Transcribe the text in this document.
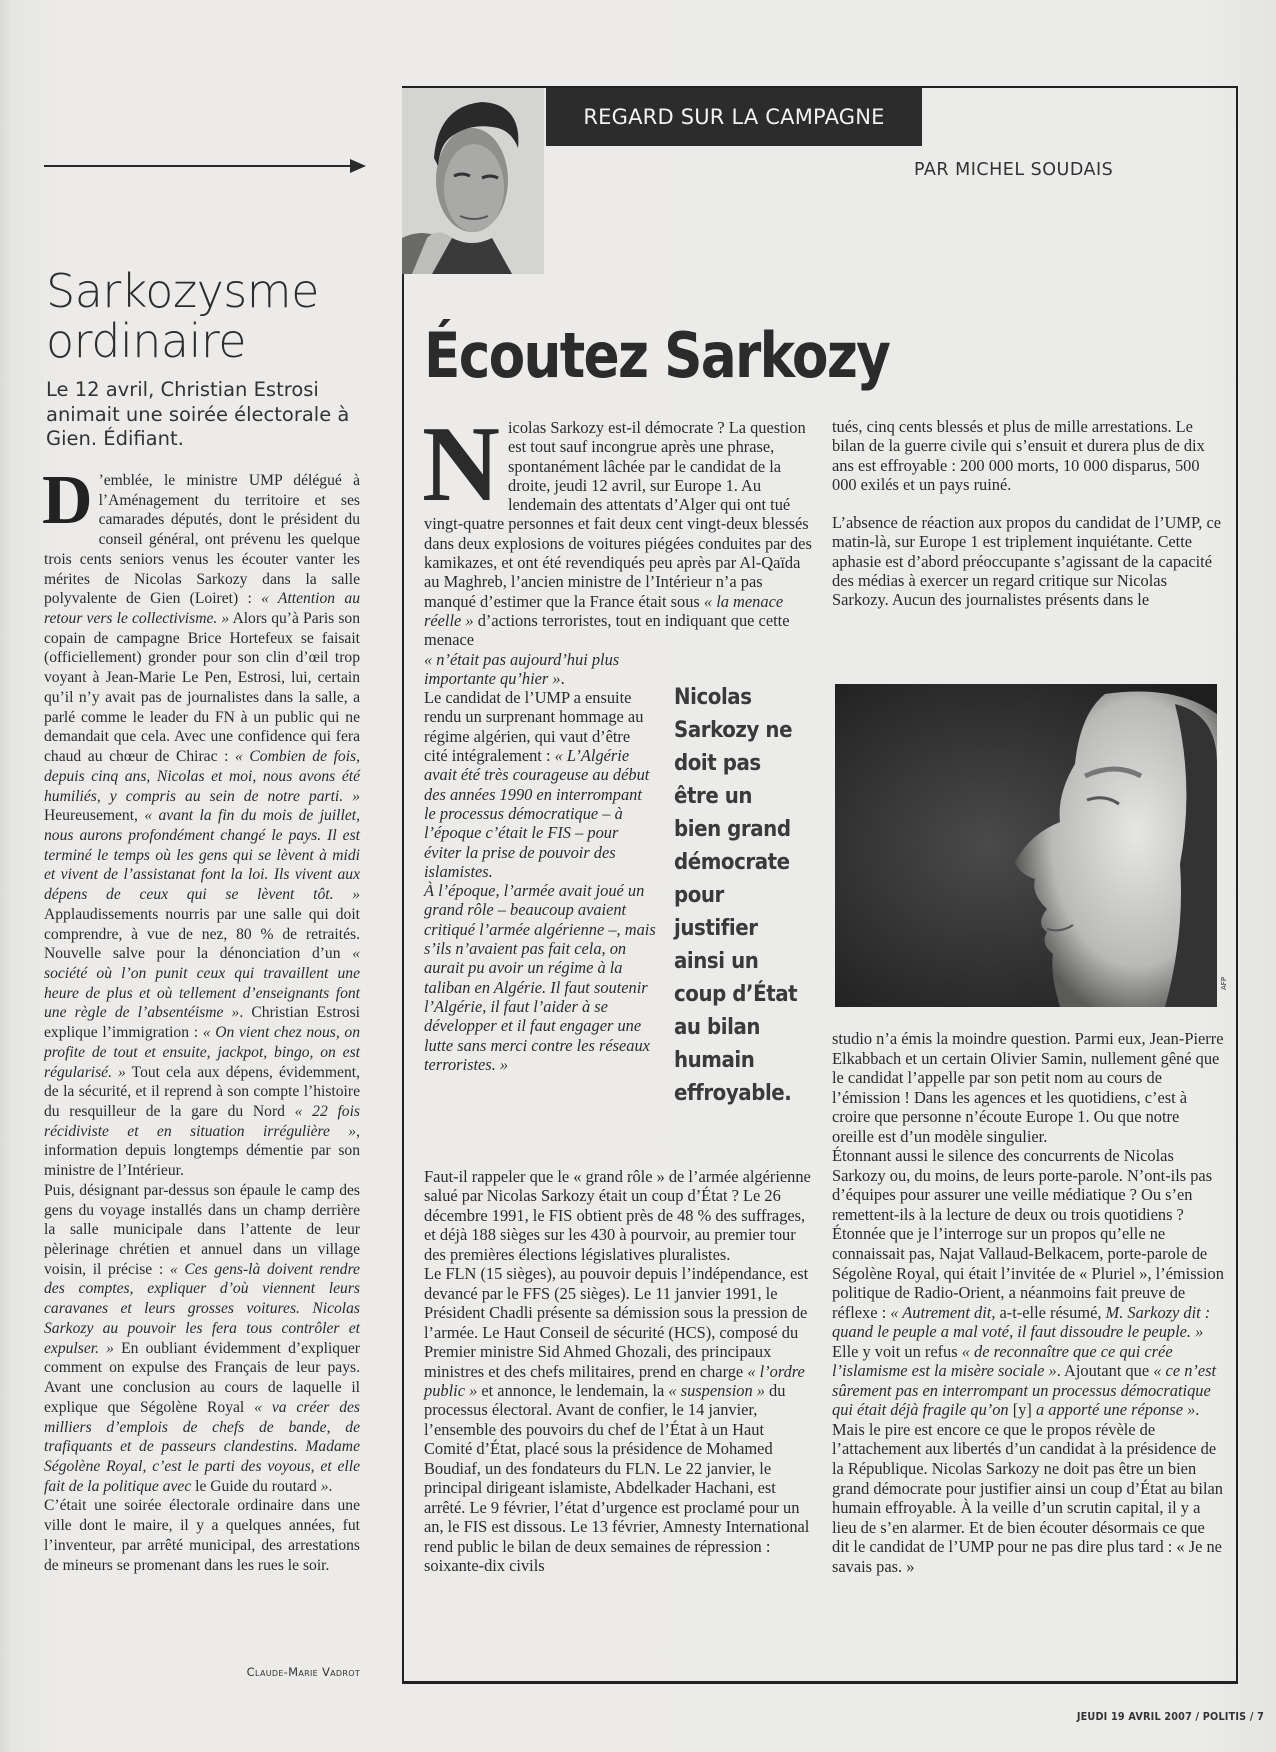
Sarkozysme
ordinaire
Le 12 avril, Christian Estrosi animait une soirée électorale à Gien. Édifiant.
D ’emblée, le ministre UMP délégué à l’Aménagement du territoire et ses camarades députés, dont le président du conseil général, ont prévenu les quelque trois cents seniors venus les écouter vanter les mérites de Nicolas Sarkozy dans la salle polyvalente de Gien (Loiret) : « Attention au retour vers le collectivisme. » Alors qu’à Paris son copain de campagne Brice Hortefeux se faisait (officiellement) gronder pour son clin d’œil trop voyant à Jean-Marie Le Pen, Estrosi, lui, certain qu’il n’y avait pas de journalistes dans la salle, a parlé comme le leader du FN à un public qui ne demandait que cela. Avec une confidence qui fera chaud au chœur de Chirac : « Combien de fois, depuis cinq ans, Nicolas et moi, nous avons été humiliés, y compris au sein de notre parti. » Heureusement, « avant la fin du mois de juillet, nous aurons profondément changé le pays. Il est terminé le temps où les gens qui se lèvent à midi et vivent de l’assistanat font la loi. Ils vivent aux dépens de ceux qui se lèvent tôt. » Applaudissements nourris par une salle qui doit comprendre, à vue de nez, 80 % de retraités. Nouvelle salve pour la dénonciation d’un « société où l’on punit ceux qui travaillent une heure de plus et où tellement d’enseignants font une règle de l’absentéisme ». Christian Estrosi explique l’immigration : « On vient chez nous, on profite de tout et ensuite, jackpot, bingo, on est régularisé. » Tout cela aux dépens, évidemment, de la sécurité, et il reprend à son compte l’histoire du resquilleur de la gare du Nord « 22 fois récidiviste et en situation irrégulière », information depuis longtemps démentie par son ministre de l’Intérieur.
Puis, désignant par-dessus son épaule le camp des gens du voyage installés dans un champ derrière la salle municipale dans l’attente de leur pèlerinage chrétien et annuel dans un village voisin, il précise : « Ces gens-là doivent rendre des comptes, expliquer d’où viennent leurs caravanes et leurs grosses voitures. Nicolas Sarkozy au pouvoir les fera tous contrôler et expulser. » En oubliant évidemment d’expliquer comment on expulse des Français de leur pays. Avant une conclusion au cours de laquelle il explique que Ségolène Royal « va créer des milliers d’emplois de chefs de bande, de trafiquants et de passeurs clandestins. Madame Ségolène Royal, c’est le parti des voyous, et elle fait de la politique avec le Guide du routard ».
C’était une soirée électorale ordinaire dans une ville dont le maire, il y a quelques années, fut l’inventeur, par arrêté municipal, des arrestations de mineurs se promenant dans les rues le soir.
Claude-Marie Vadrot
REGARD SUR LA CAMPAGNE
PAR MICHEL SOUDAIS
Écoutez Sarkozy
N icolas Sarkozy est-il démocrate ? La question est tout sauf incongrue après une phrase, spontanément lâchée par le candidat de la droite, jeudi 12 avril, sur Europe 1. Au lendemain des attentats d’Alger qui ont tué vingt-quatre personnes et fait deux cent vingt-deux blessés dans deux explosions de voitures piégées conduites par des kamikazes, et ont été revendiqués peu après par Al-Qaïda au Maghreb, l’ancien ministre de l’Intérieur n’a pas manqué d’estimer que la France était sous « la menace réelle » d’actions terroristes, tout en indiquant que cette menace
« n’était pas aujourd’hui plus importante qu’hier ».
Le candidat de l’UMP a ensuite rendu un surprenant hommage au régime algérien, qui vaut d’être cité intégralement : « L’Algérie avait été très courageuse au début des années 1990 en interrompant le processus démocratique – à l’époque c’était le FIS – pour éviter la prise de pouvoir des islamistes.
À l’époque, l’armée avait joué un grand rôle – beaucoup avaient critiqué l’armée algérienne –, mais s’ils n’avaient pas fait cela, on aurait pu avoir un régime à la taliban en Algérie. Il faut soutenir l’Algérie, il faut l’aider à se développer et il faut engager une lutte sans merci contre les réseaux terroristes. »
Nicolas Sarkozy ne doit pas être un bien grand démocrate pour justifier ainsi un coup d’État au bilan humain effroyable.
Faut-il rappeler que le « grand rôle » de l’armée algérienne salué par Nicolas Sarkozy était un coup d’État ? Le 26 décembre 1991, le FIS obtient près de 48 % des suffrages, et déjà 188 sièges sur les 430 à pourvoir, au premier tour des premières élections législatives pluralistes.
Le FLN (15 sièges), au pouvoir depuis l’indépendance, est devancé par le FFS (25 sièges). Le 11 janvier 1991, le Président Chadli présente sa démission sous la pression de l’armée. Le Haut Conseil de sécurité (HCS), composé du Premier ministre Sid Ahmed Ghozali, des principaux ministres et des chefs militaires, prend en charge « l’ordre public » et annonce, le lendemain, la « suspension » du processus électoral. Avant de confier, le 14 janvier, l’ensemble des pouvoirs du chef de l’État à un Haut Comité d’État, placé sous la présidence de Mohamed Boudiaf, un des fondateurs du FLN. Le 22 janvier, le principal dirigeant islamiste, Abdelkader Hachani, est arrêté. Le 9 février, l’état d’urgence est proclamé pour un an, le FIS est dissous. Le 13 février, Amnesty International rend public le bilan de deux semaines de répression : soixante-dix civils

tués, cinq cents blessés et plus de mille arrestations. Le bilan de la guerre civile qui s’ensuit et durera plus de dix ans est effroyable : 200 000 morts, 10 000 disparus, 500 000 exilés et un pays ruiné.

L’absence de réaction aux propos du candidat de l’UMP, ce matin-là, sur Europe 1 est triplement inquiétante. Cette aphasie est d’abord préoccupante s’agissant de la capacité des médias à exercer un regard critique sur Nicolas Sarkozy. Aucun des journalistes présents dans le

AFP
studio n’a émis la moindre question. Parmi eux, Jean-Pierre Elkabbach et un certain Olivier Samin, nullement gêné que le candidat l’appelle par son petit nom au cours de l’émission ! Dans les agences et les quotidiens, c’est à croire que personne n’écoute Europe 1. Ou que notre oreille est d’un modèle singulier.
Étonnant aussi le silence des concurrents de Nicolas Sarkozy ou, du moins, de leurs porte-parole. N’ont-ils pas d’équipes pour assurer une veille médiatique ? Ou s’en remettent-ils à la lecture de deux ou trois quotidiens ? Étonnée que je l’interroge sur un propos qu’elle ne connaissait pas, Najat Vallaud-Belkacem, porte-parole de Ségolène Royal, qui était l’invitée de « Pluriel », l’émission politique de Radio-Orient, a néanmoins fait preuve de réflexe : « Autrement dit, a-t-elle résumé, M. Sarkozy dit : quand le peuple a mal voté, il faut dissoudre le peuple. » Elle y voit un refus « de reconnaître que ce qui crée l’islamisme est la misère sociale ». Ajoutant que « ce n’est sûrement pas en interrompant un processus démocratique qui était déjà fragile qu’on [y] a apporté une réponse ».
Mais le pire est encore ce que le propos révèle de l’attachement aux libertés d’un candidat à la présidence de la République. Nicolas Sarkozy ne doit pas être un bien grand démocrate pour justifier ainsi un coup d’État au bilan humain effroyable. À la veille d’un scrutin capital, il y a lieu de s’en alarmer. Et de bien écouter désormais ce que dit le candidat de l’UMP pour ne pas dire plus tard : « Je ne savais pas. »
JEUDI 19 AVRIL 2007 / POLITIS / 7
